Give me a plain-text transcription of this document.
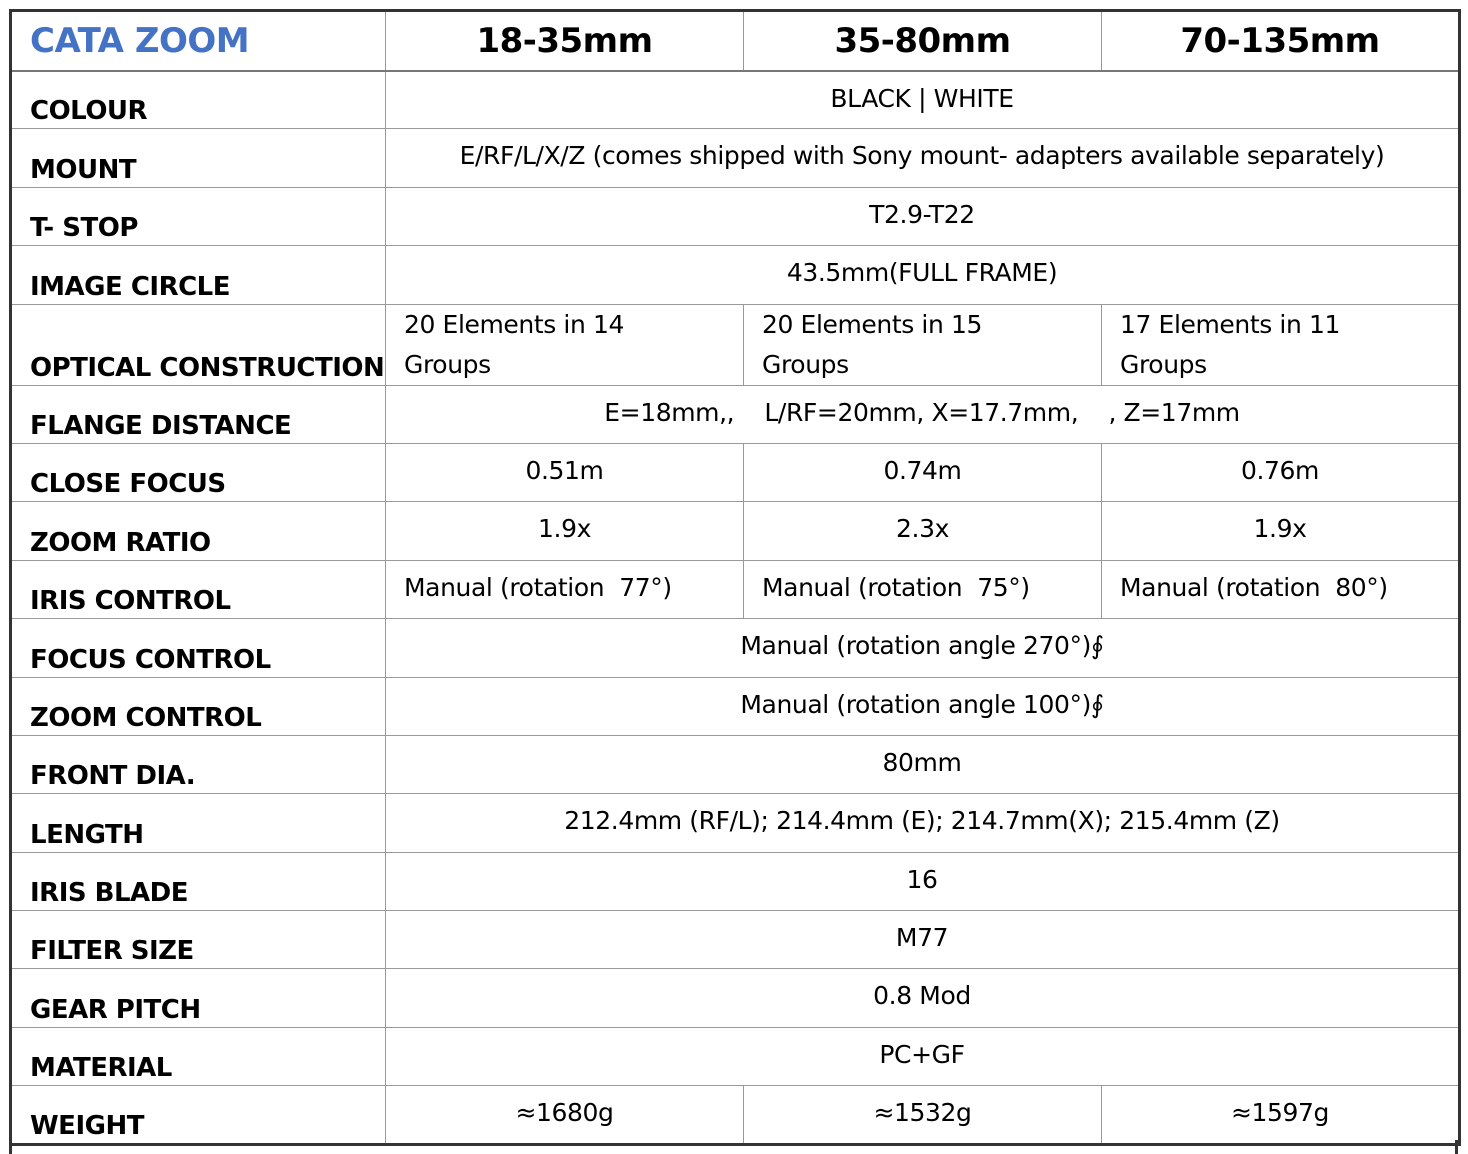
CATA ZOOM	18-35mm	35-80mm	70-135mm
COLOUR	BLACK | WHITE		
MOUNT	E/RF/L/X/Z (comes shipped with Sony mount- adapters available separately)		
T- STOP	T2.9-T22		
IMAGE CIRCLE	43.5mm(FULL FRAME)		
OPTICAL CONSTRUCTION	20 Elements in 14 Groups	20 Elements in 15 Groups	17 Elements in 11 Groups
FLANGE DISTANCE	E=18mm,,    L/RF=20mm, X=17.7mm,    , Z=17mm		
CLOSE FOCUS	0.51m	0.74m	0.76m
ZOOM RATIO	1.9x	2.3x	1.9x
IRIS CONTROL	Manual (rotation  77°)	Manual (rotation  75°)	Manual (rotation  80°)
FOCUS CONTROL	Manual (rotation angle 270°)∮		
ZOOM CONTROL	Manual (rotation angle 100°)∮		
FRONT DIA.	80mm		
LENGTH	212.4mm (RF/L); 214.4mm (E); 214.7mm(X); 215.4mm (Z)		
IRIS BLADE	16		
FILTER SIZE	M77		
GEAR PITCH	0.8 Mod		
MATERIAL	PC+GF		
WEIGHT	≈1680g	≈1532g	≈1597g
